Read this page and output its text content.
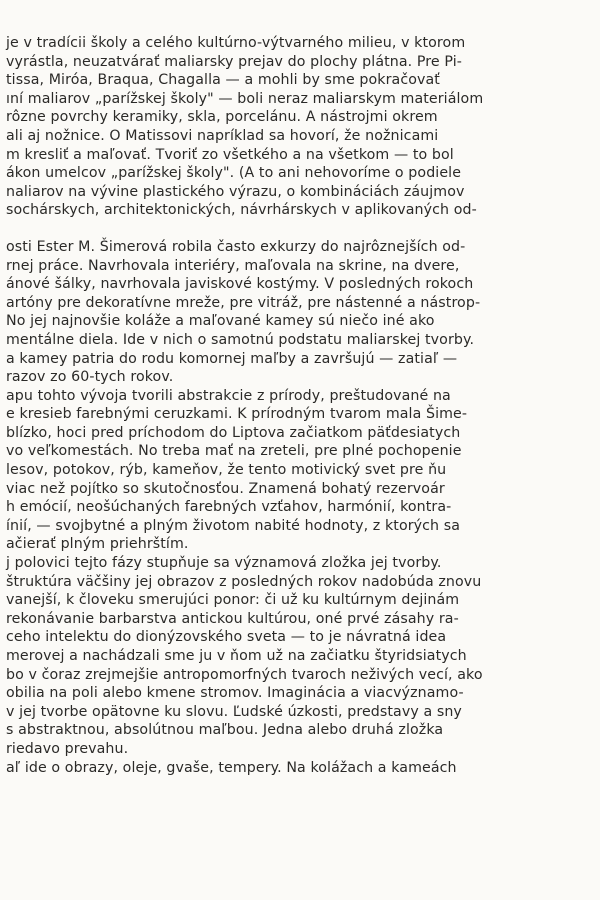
je v tradícii školy a celého kultúrno-výtvarného milieu, v ktorom
vyrástla, neuzatvárať maliarsky prejav do plochy plátna. Pre Pi-
tissa, Miróa, Braqua, Chagalla — a mohli by sme pokračovať
ıní maliarov „parížskej školy" — boli neraz maliarskym materiálom
rôzne povrchy keramiky, skla, porcelánu. A nástrojmi okrem
ali aj nožnice. O Matissovi napríklad sa hovorí, že nožnicami
m kresliť a maľovať. Tvoriť zo všetkého a na všetkom — to bol
ákon umelcov „parížskej školy". (A to ani nehovoríme o podiele
naliarov na vývine plastického výrazu, o kombináciách záujmov
sochárskych, architektonických, návrhárskych v aplikovaných od-
osti Ester M. Šimerová robila často exkurzy do najrôznejších od-
rnej práce. Navrhovala interiéry, maľovala na skrine, na dvere,
ánové šálky, navrhovala javiskové kostýmy. V posledných rokoch
artóny pre dekoratívne mreže, pre vitráž, pre nástenné a nástrop-
No jej najnovšie koláže a maľované kamey sú niečo iné ako
mentálne diela. Ide v nich o samotnú podstatu maliarskej tvorby.
a kamey patria do rodu komornej maľby a završujú — zatiaľ —
razov zo 60-tych rokov.
apu tohto vývoja tvorili abstrakcie z prírody, preštudované na
e kresieb farebnými ceruzkami. K prírodným tvarom mala Šime-
blízko, hoci pred príchodom do Liptova začiatkom päťdesiatych
vo veľkomestách. No treba mať na zreteli, pre plné pochopenie
lesov, potokov, rýb, kameňov, že tento motivický svet pre ňu
viac než pojítko so skutočnosťou. Znamená bohatý rezervoár
h emócií, neošúchaných farebných vzťahov, harmónií, kontra-
ínií, — svojbytné a plným životom nabité hodnoty, z ktorých sa
ačierať plným priehrštím.
j polovici tejto fázy stupňuje sa významová zložka jej tvorby.
štruktúra väčšiny jej obrazov z posledných rokov nadobúda znovu
vanejší, k človeku smerujúci ponor: či už ku kultúrnym dejinám
rekonávanie barbarstva antickou kultúrou, oné prvé zásahy ra-
ceho intelektu do dionýzovského sveta — to je návratná idea
merovej a nachádzali sme ju v ňom už na začiatku štyridsiatych
bo v čoraz zrejmejšie antropomorfných tvaroch neživých vecí, ako
obilia na poli alebo kmene stromov. Imaginácia a viacvýznamo-
v jej tvorbe opätovne ku slovu. Ľudské úzkosti, predstavy a sny
s abstraktnou, absolútnou maľbou. Jedna alebo druhá zložka
riedavo prevahu.
aľ ide o obrazy, oleje, gvaše, tempery. Na kolážach a kameách
